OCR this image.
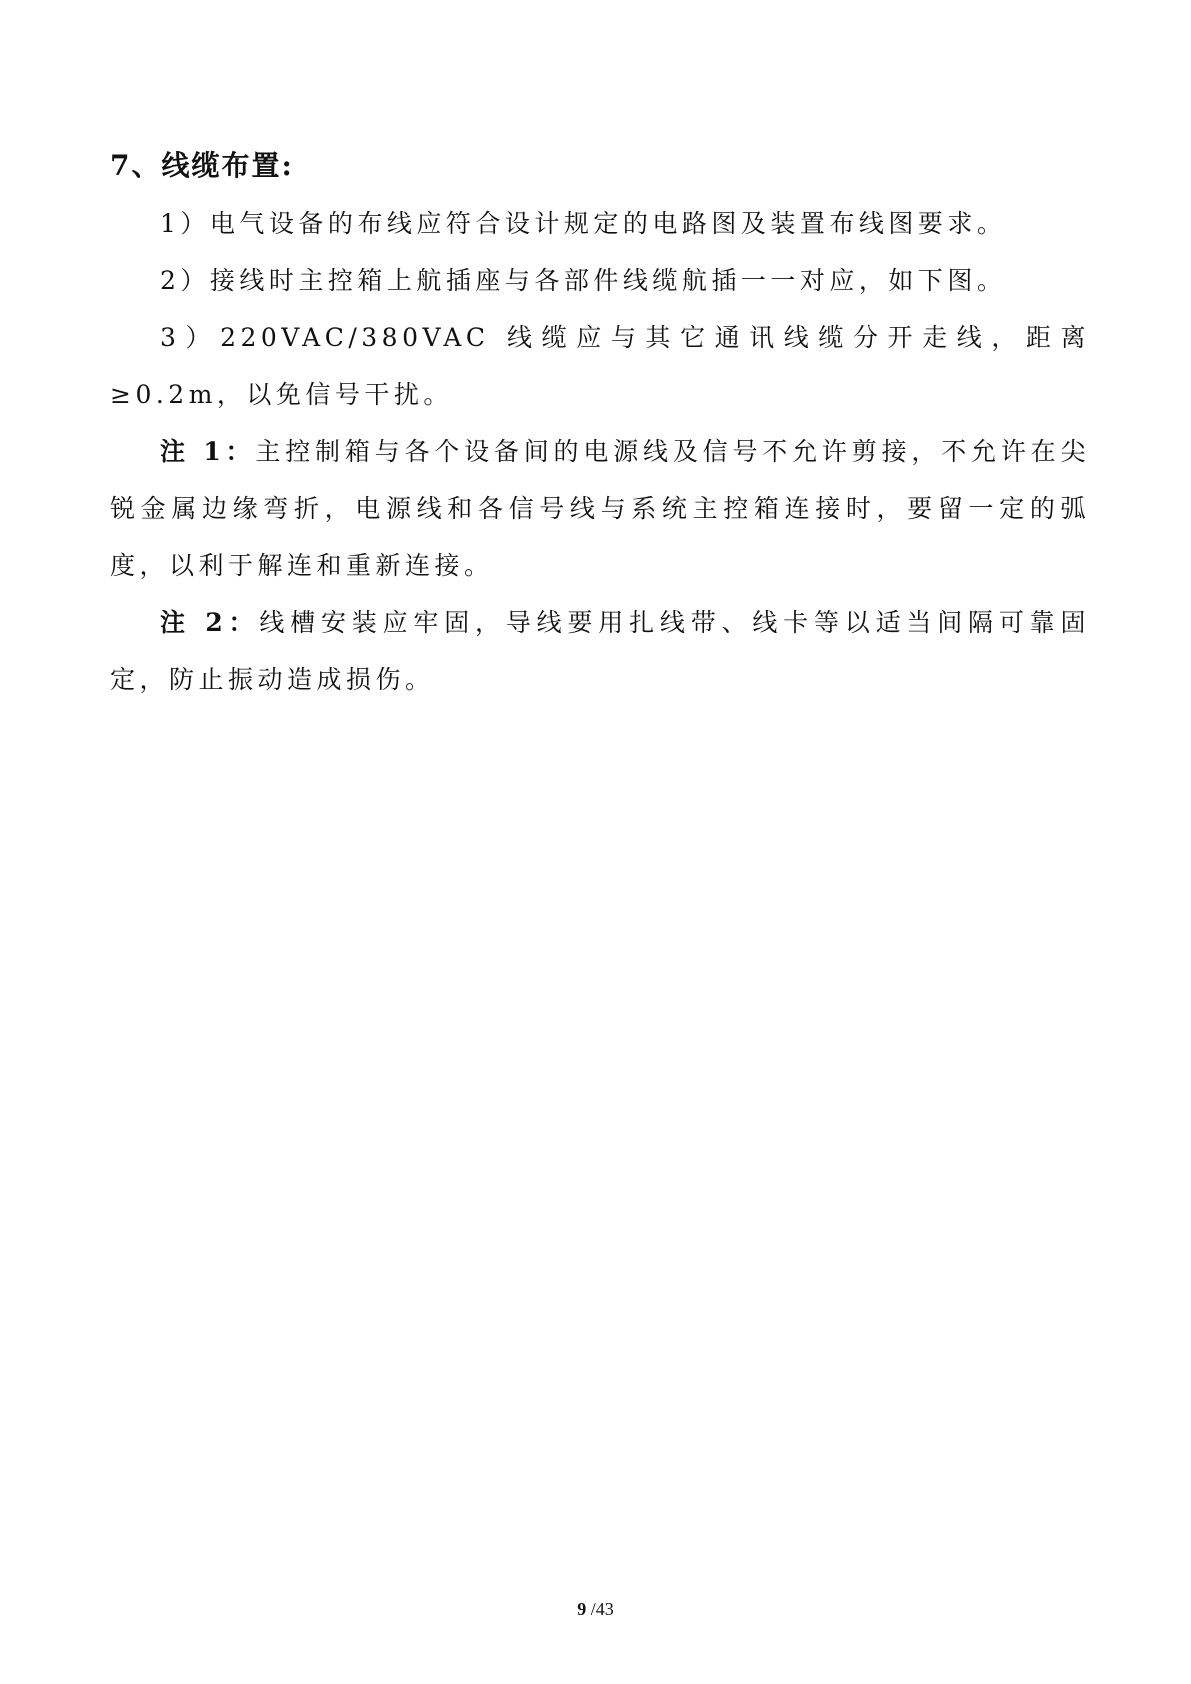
7、线缆布置:

1）电气设备的布线应符合设计规定的电路图及装置布线图要求。

2）接线时主控箱上航插座与各部件线缆航插一一对应，如下图。

3）220VAC/380VAC 线缆应与其它通讯线缆分开走线，距离≥0.2m，以免信号干扰。

注 1：主控制箱与各个设备间的电源线及信号不允许剪接，不允许在尖锐金属边缘弯折，电源线和各信号线与系统主控箱连接时，要留一定的弧度，以利于解连和重新连接。

注 2：线槽安装应牢固，导线要用扎线带、线卡等以适当间隔可靠固定，防止振动造成损伤。

9 /43
